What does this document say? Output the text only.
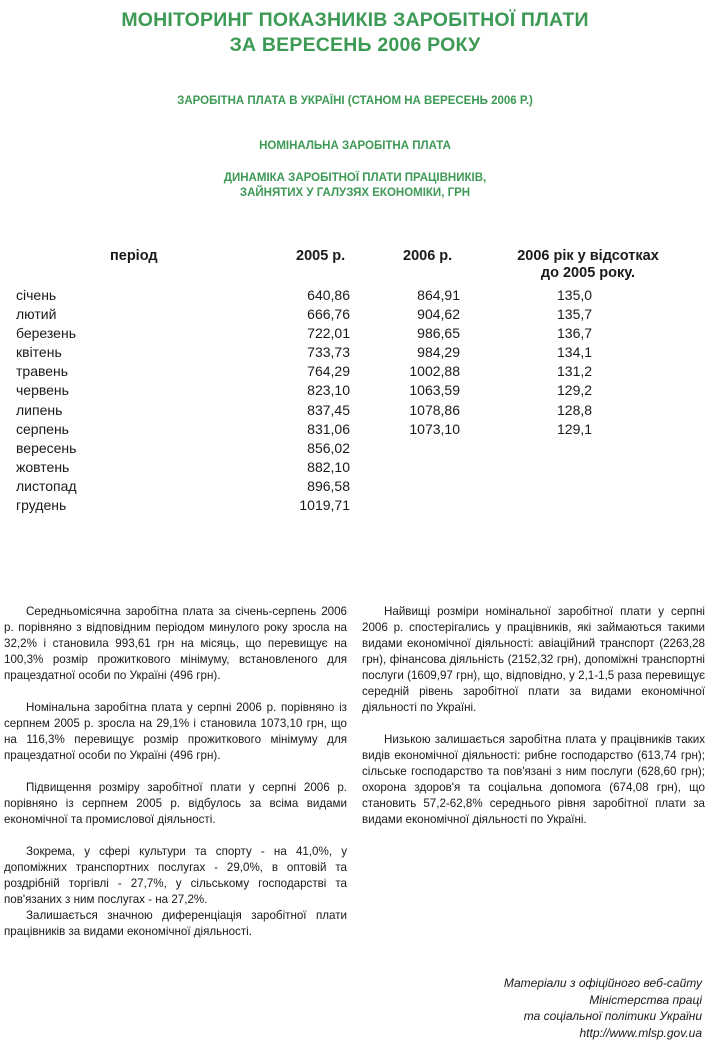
МОНІТОРИНГ ПОКАЗНИКІВ ЗАРОБІТНОЇ ПЛАТИ
ЗА ВЕРЕСЕНЬ 2006 РОКУ
ЗАРОБІТНА ПЛАТА В УКРАЇНІ (СТАНОМ НА ВЕРЕСЕНЬ 2006 Р.)
НОМІНАЛЬНА ЗАРОБІТНА ПЛАТА
ДИНАМІКА ЗАРОБІТНОЇ ПЛАТИ ПРАЦІВНИКІВ,
ЗАЙНЯТИХ У ГАЛУЗЯХ ЕКОНОМІКИ, ГРН
період	2005 р.	2006 р.	2006 рік у відсотках
до 2005 року.
січень	640,86	864,91	135,0
лютий	666,76	904,62	135,7
березень	722,01	986,65	136,7
квітень	733,73	984,29	134,1
травень	764,29	1002,88	131,2
червень	823,10	1063,59	129,2
липень	837,45	1078,86	128,8
серпень	831,06	1073,10	129,1
вересень	856,02
жовтень	882,10
листопад	896,58
грудень	1019,71

Середньомісячна заробітна плата за січень-серпень 2006 р. порівняно з відповідним періодом минулого року зросла на 32,2% і становила 993,61 грн на місяць, що перевищує на 100,3% розмір прожиткового мінімуму, встановленого для працездатної особи по Україні (496 грн).

Номінальна заробітна плата у серпні 2006 р. порівняно із серпнем 2005 р. зросла на 29,1% і становила 1073,10 грн, що на 116,3% перевищує розмір прожиткового мінімуму для працездатної особи по Україні (496 грн).

Підвищення розміру заробітної плати у серпні 2006 р. порівняно із серпнем 2005 р. відбулось за всіма видами економічної та промислової діяльності.

Зокрема, у сфері культури та спорту - на 41,0%, у допоміжних транспортних послугах - 29,0%, в оптовій та роздрібній торгівлі - 27,7%, у сільському господарстві та пов'язаних з ним послугах - на 27,2%.

Залишається значною диференціація заробітної плати працівників за видами економічної діяльності.

Найвищі розміри номінальної заробітної плати у серпні 2006 р. спостерігались у працівників, які займаються такими видами економічної діяльності: авіаційний транспорт (2263,28 грн), фінансова діяльність (2152,32 грн), допоміжні транспортні послуги (1609,97 грн), що, відповідно, у 2,1-1,5 раза перевищує середній рівень заробітної плати за видами економічної діяльності по Україні.

Низькою залишається заробітна плата у працівників таких видів економічної діяльності: рибне господарство (613,74 грн); сільське господарство та пов'язані з ним послуги (628,60 грн); охорона здоров'я та соціальна допомога (674,08 грн), що становить 57,2-62,8% середнього рівня заробітної плати за видами економічної діяльності по Україні.

Матеріали з офіційного веб-сайту
Міністерства праці
та соціальної політики України
http://www.mlsp.gov.ua
